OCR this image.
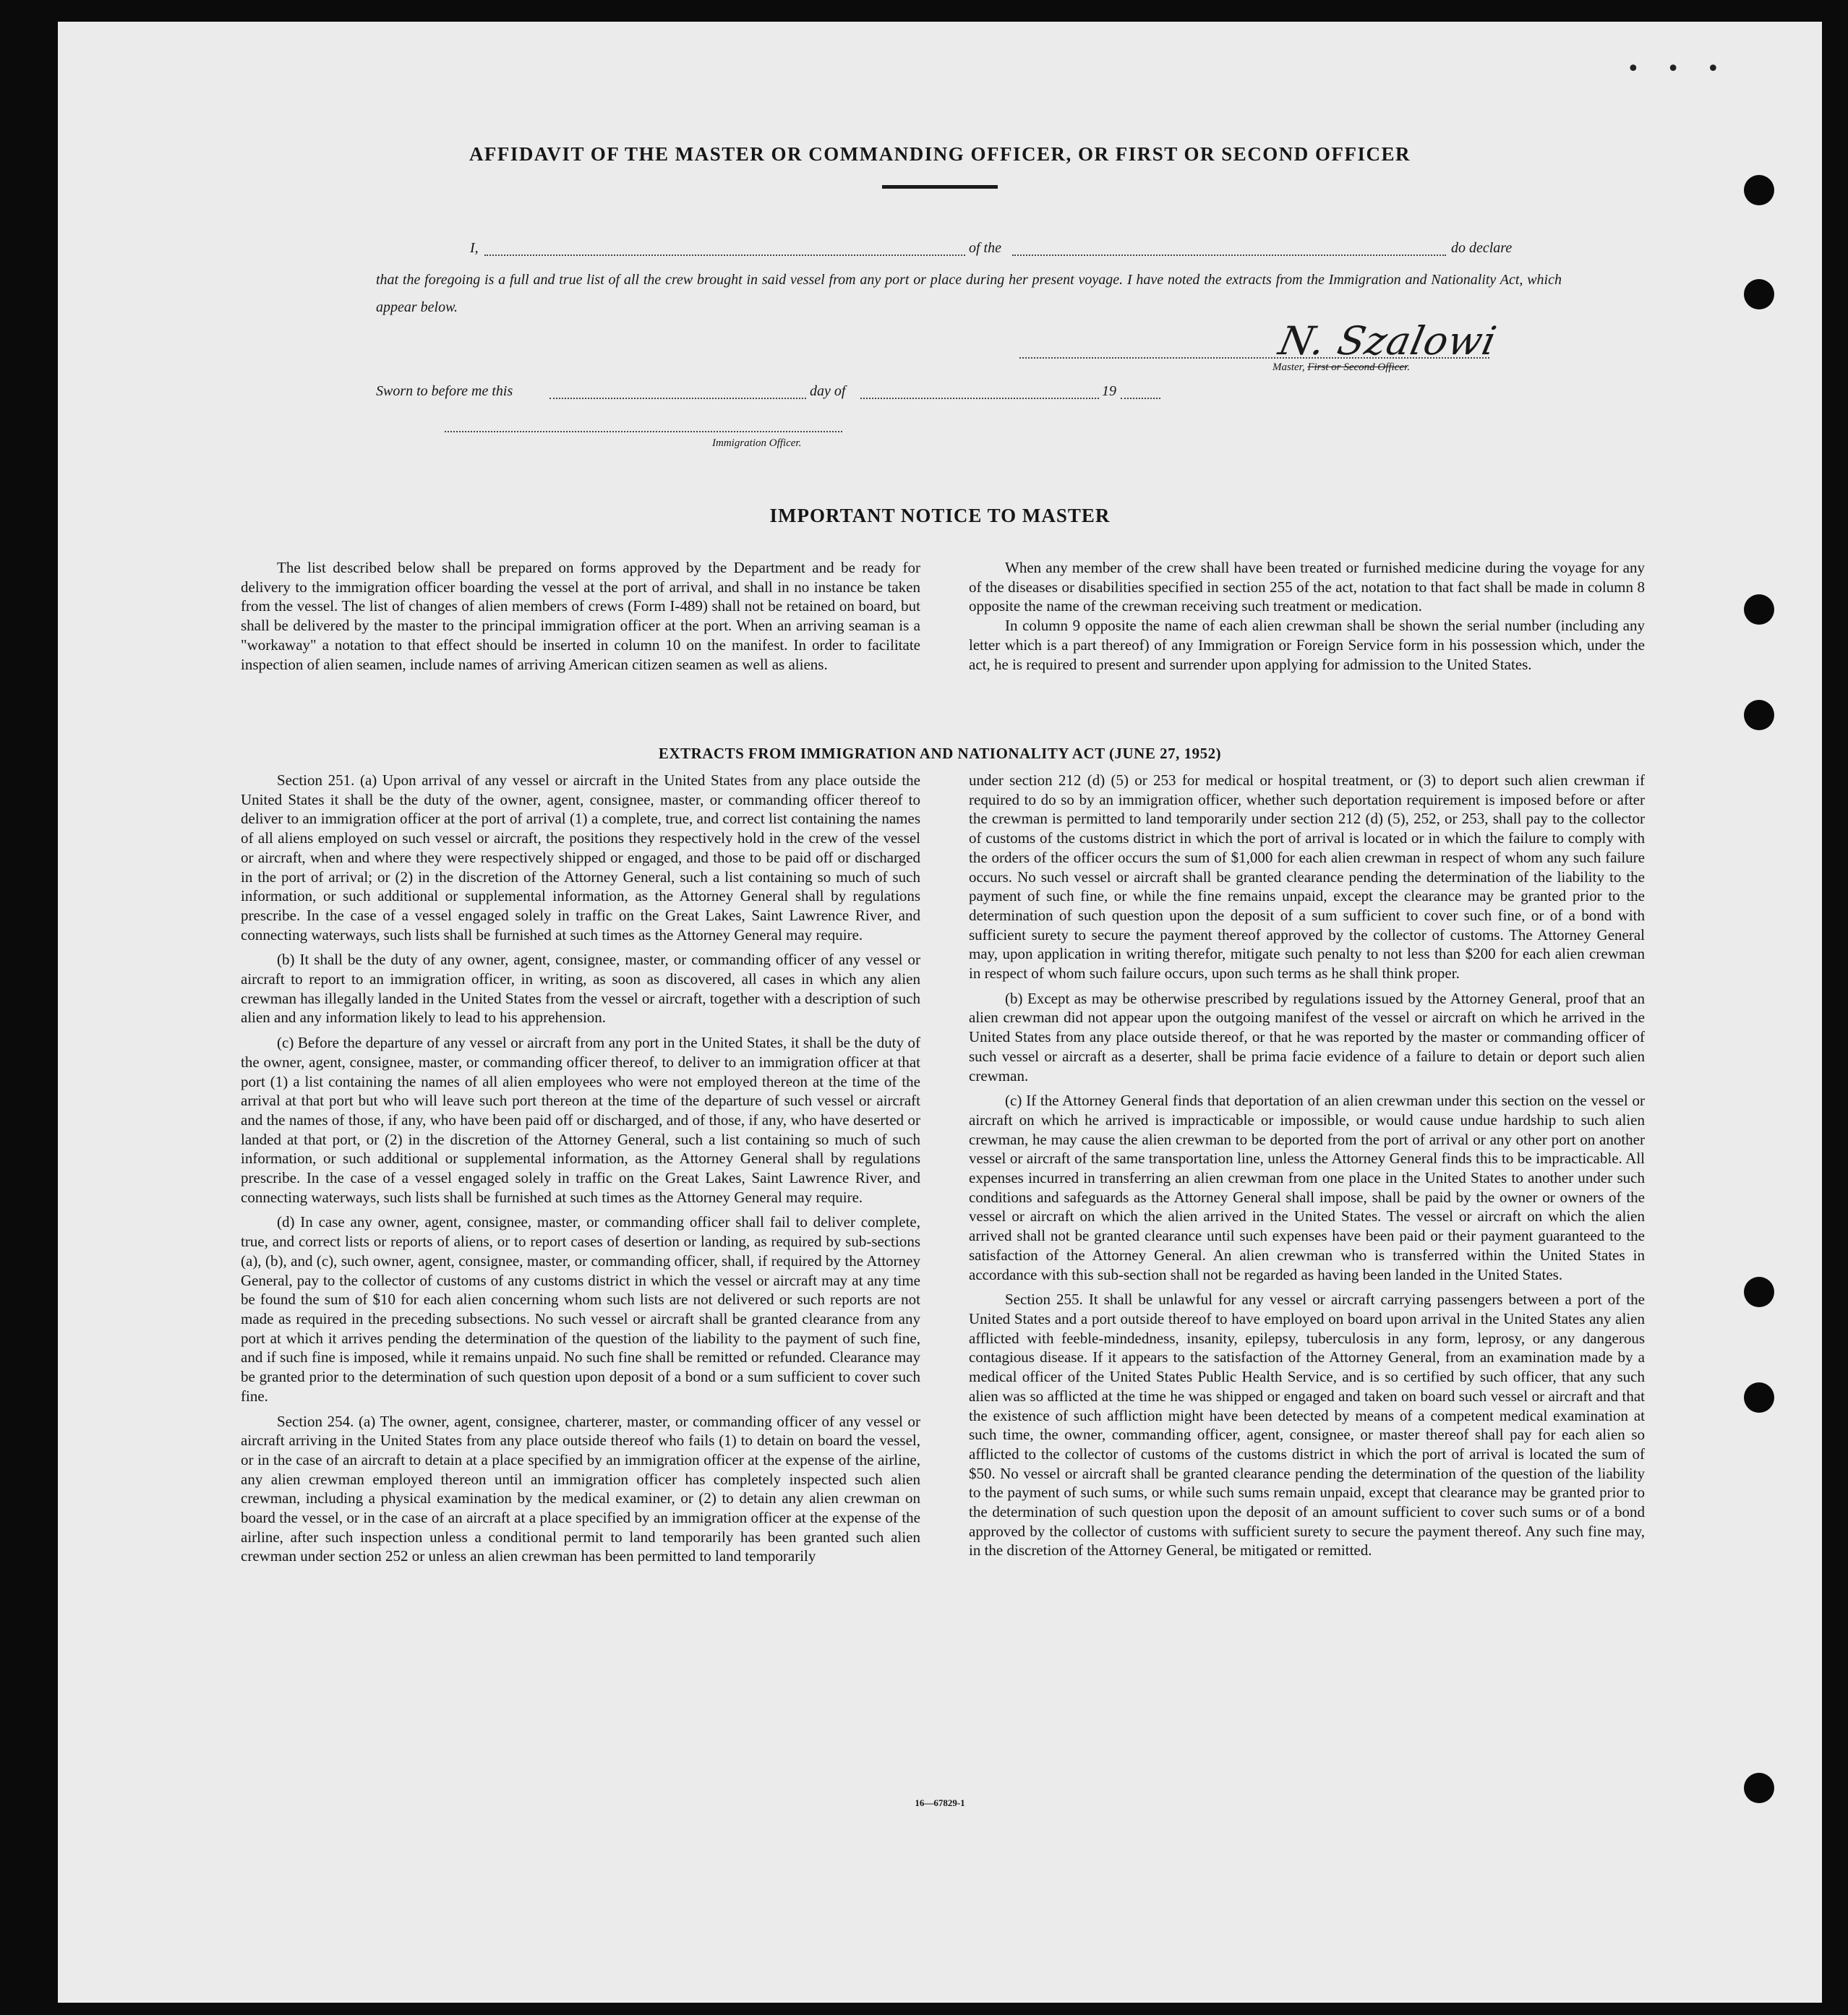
• • •
AFFIDAVIT OF THE MASTER OR COMMANDING OFFICER, OR FIRST OR SECOND OFFICER
I,	of the	do declare
that the foregoing is a full and true list of all the crew brought in said vessel from any port or place during her present voyage. I have noted the extracts from the Immigration and Nationality Act, which appear below.
N. Szalowi
Master, First or Second Officer.
Sworn to before me this	day of	19
Immigration Officer.
IMPORTANT NOTICE TO MASTER

The list described below shall be prepared on forms approved by the Department and be ready for delivery to the immigration officer boarding the vessel at the port of arrival, and shall in no instance be taken from the vessel. The list of changes of alien members of crews (Form I-489) shall not be retained on board, but shall be delivered by the master to the principal immigration officer at the port. When an arriving seaman is a "workaway" a notation to that effect should be inserted in column 10 on the manifest. In order to facilitate inspection of alien seamen, include names of arriving American citizen seamen as well as aliens.

When any member of the crew shall have been treated or furnished medicine during the voyage for any of the diseases or disabilities specified in section 255 of the act, notation to that fact shall be made in column 8 opposite the name of the crewman receiving such treatment or medication.

In column 9 opposite the name of each alien crewman shall be shown the serial number (including any letter which is a part thereof) of any Immigration or Foreign Service form in his possession which, under the act, he is required to present and surrender upon applying for admission to the United States.

EXTRACTS FROM IMMIGRATION AND NATIONALITY ACT (JUNE 27, 1952)

Section 251. (a) Upon arrival of any vessel or aircraft in the United States from any place outside the United States it shall be the duty of the owner, agent, consignee, master, or commanding officer thereof to deliver to an immigration officer at the port of arrival (1) a complete, true, and correct list containing the names of all aliens employed on such vessel or aircraft, the positions they respectively hold in the crew of the vessel or aircraft, when and where they were respectively shipped or engaged, and those to be paid off or discharged in the port of arrival; or (2) in the discretion of the Attorney General, such a list containing so much of such information, or such additional or supplemental information, as the Attorney General shall by regulations prescribe. In the case of a vessel engaged solely in traffic on the Great Lakes, Saint Lawrence River, and connecting waterways, such lists shall be furnished at such times as the Attorney General may require.

(b) It shall be the duty of any owner, agent, consignee, master, or commanding officer of any vessel or aircraft to report to an immigration officer, in writing, as soon as discovered, all cases in which any alien crewman has illegally landed in the United States from the vessel or aircraft, together with a description of such alien and any information likely to lead to his apprehension.

(c) Before the departure of any vessel or aircraft from any port in the United States, it shall be the duty of the owner, agent, consignee, master, or commanding officer thereof, to deliver to an immigration officer at that port (1) a list containing the names of all alien employees who were not employed thereon at the time of the arrival at that port but who will leave such port thereon at the time of the departure of such vessel or aircraft and the names of those, if any, who have been paid off or discharged, and of those, if any, who have deserted or landed at that port, or (2) in the discretion of the Attorney General, such a list containing so much of such information, or such additional or supplemental information, as the Attorney General shall by regulations prescribe. In the case of a vessel engaged solely in traffic on the Great Lakes, Saint Lawrence River, and connecting waterways, such lists shall be furnished at such times as the Attorney General may require.

(d) In case any owner, agent, consignee, master, or commanding officer shall fail to deliver complete, true, and correct lists or reports of aliens, or to report cases of desertion or landing, as required by sub-sections (a), (b), and (c), such owner, agent, consignee, master, or commanding officer, shall, if required by the Attorney General, pay to the collector of customs of any customs district in which the vessel or aircraft may at any time be found the sum of $10 for each alien concerning whom such lists are not delivered or such reports are not made as required in the preceding subsections. No such vessel or aircraft shall be granted clearance from any port at which it arrives pending the determination of the question of the liability to the payment of such fine, and if such fine is imposed, while it remains unpaid. No such fine shall be remitted or refunded. Clearance may be granted prior to the determination of such question upon deposit of a bond or a sum sufficient to cover such fine.

Section 254. (a) The owner, agent, consignee, charterer, master, or commanding officer of any vessel or aircraft arriving in the United States from any place outside thereof who fails (1) to detain on board the vessel, or in the case of an aircraft to detain at a place specified by an immigration officer at the expense of the airline, any alien crewman employed thereon until an immigration officer has completely inspected such alien crewman, including a physical examination by the medical examiner, or (2) to detain any alien crewman on board the vessel, or in the case of an aircraft at a place specified by an immigration officer at the expense of the airline, after such inspection unless a conditional permit to land temporarily has been granted such alien crewman under section 252 or unless an alien crewman has been permitted to land temporarily

under section 212 (d) (5) or 253 for medical or hospital treatment, or (3) to deport such alien crewman if required to do so by an immigration officer, whether such deportation requirement is imposed before or after the crewman is permitted to land temporarily under section 212 (d) (5), 252, or 253, shall pay to the collector of customs of the customs district in which the port of arrival is located or in which the failure to comply with the orders of the officer occurs the sum of $1,000 for each alien crewman in respect of whom any such failure occurs. No such vessel or aircraft shall be granted clearance pending the determination of the liability to the payment of such fine, or while the fine remains unpaid, except the clearance may be granted prior to the determination of such question upon the deposit of a sum sufficient to cover such fine, or of a bond with sufficient surety to secure the payment thereof approved by the collector of customs. The Attorney General may, upon application in writing therefor, mitigate such penalty to not less than $200 for each alien crewman in respect of whom such failure occurs, upon such terms as he shall think proper.

(b) Except as may be otherwise prescribed by regulations issued by the Attorney General, proof that an alien crewman did not appear upon the outgoing manifest of the vessel or aircraft on which he arrived in the United States from any place outside thereof, or that he was reported by the master or commanding officer of such vessel or aircraft as a deserter, shall be prima facie evidence of a failure to detain or deport such alien crewman.

(c) If the Attorney General finds that deportation of an alien crewman under this section on the vessel or aircraft on which he arrived is impracticable or impossible, or would cause undue hardship to such alien crewman, he may cause the alien crewman to be deported from the port of arrival or any other port on another vessel or aircraft of the same transportation line, unless the Attorney General finds this to be impracticable. All expenses incurred in transferring an alien crewman from one place in the United States to another under such conditions and safeguards as the Attorney General shall impose, shall be paid by the owner or owners of the vessel or aircraft on which the alien arrived in the United States. The vessel or aircraft on which the alien arrived shall not be granted clearance until such expenses have been paid or their payment guaranteed to the satisfaction of the Attorney General. An alien crewman who is transferred within the United States in accordance with this sub-section shall not be regarded as having been landed in the United States.

Section 255. It shall be unlawful for any vessel or aircraft carrying passengers between a port of the United States and a port outside thereof to have employed on board upon arrival in the United States any alien afflicted with feeble-mindedness, insanity, epilepsy, tuberculosis in any form, leprosy, or any dangerous contagious disease. If it appears to the satisfaction of the Attorney General, from an examination made by a medical officer of the United States Public Health Service, and is so certified by such officer, that any such alien was so afflicted at the time he was shipped or engaged and taken on board such vessel or aircraft and that the existence of such affliction might have been detected by means of a competent medical examination at such time, the owner, commanding officer, agent, consignee, or master thereof shall pay for each alien so afflicted to the collector of customs of the customs district in which the port of arrival is located the sum of $50. No vessel or aircraft shall be granted clearance pending the determination of the question of the liability to the payment of such sums, or while such sums remain unpaid, except that clearance may be granted prior to the determination of such question upon the deposit of an amount sufficient to cover such sums or of a bond approved by the collector of customs with sufficient surety to secure the payment thereof. Any such fine may, in the discretion of the Attorney General, be mitigated or remitted.

16—67829-1
